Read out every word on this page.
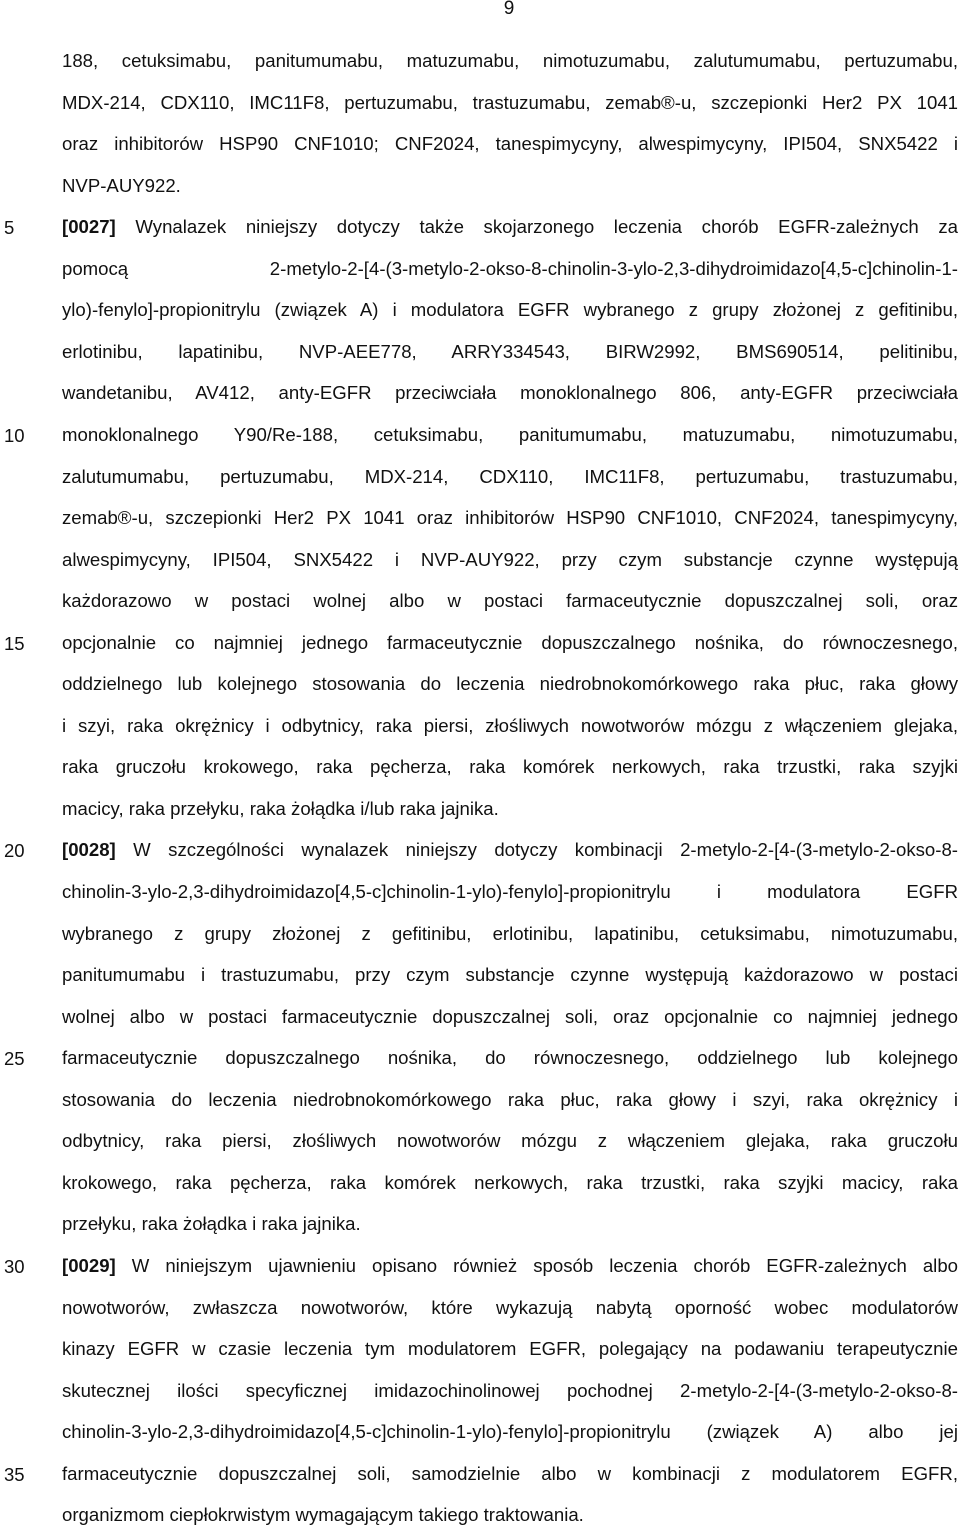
9
5
10
15
20
25
30
35
188, cetuksimabu, panitumumabu, matuzumabu, nimotuzumabu, zalutumumabu, pertuzumabu,
MDX-214, CDX110, IMC11F8, pertuzumabu, trastuzumabu, zemab®-u, szczepionki Her2 PX 1041
oraz inhibitorów HSP90 CNF1010; CNF2024, tanespimycyny, alwespimycyny, IPI504, SNX5422 i
NVP-AUY922.
[0027] Wynalazek niniejszy dotyczy także skojarzonego leczenia chorób EGFR-zależnych za
pomocą 2-metylo-2-[4-(3-metylo-2-okso-8-chinolin-3-ylo-2,3-dihydroimidazo[4,5-c]chinolin-1-
ylo)-fenylo]-propionitrylu (związek A) i modulatora EGFR wybranego z grupy złożonej z gefitinibu,
erlotinibu, lapatinibu, NVP-AEE778, ARRY334543, BIRW2992, BMS690514, pelitinibu,
wandetanibu, AV412, anty-EGFR przeciwciała monoklonalnego 806, anty-EGFR przeciwciała
monoklonalnego Y90/Re-188, cetuksimabu, panitumumabu, matuzumabu, nimotuzumabu,
zalutumumabu, pertuzumabu, MDX-214, CDX110, IMC11F8, pertuzumabu, trastuzumabu,
zemab®-u, szczepionki Her2 PX 1041 oraz inhibitorów HSP90 CNF1010, CNF2024, tanespimycyny,
alwespimycyny, IPI504, SNX5422 i NVP-AUY922, przy czym substancje czynne występują
każdorazowo w postaci wolnej albo w postaci farmaceutycznie dopuszczalnej soli, oraz
opcjonalnie co najmniej jednego farmaceutycznie dopuszczalnego nośnika, do równoczesnego,
oddzielnego lub kolejnego stosowania do leczenia niedrobnokomórkowego raka płuc, raka głowy
i szyi, raka okrężnicy i odbytnicy, raka piersi, złośliwych nowotworów mózgu z włączeniem glejaka,
raka gruczołu krokowego, raka pęcherza, raka komórek nerkowych, raka trzustki, raka szyjki
macicy, raka przełyku, raka żołądka i/lub raka jajnika.
[0028] W szczególności wynalazek niniejszy dotyczy kombinacji 2-metylo-2-[4-(3-metylo-2-okso-8-
chinolin-3-ylo-2,3-dihydroimidazo[4,5-c]chinolin-1-ylo)-fenylo]-propionitrylu i modulatora EGFR
wybranego z grupy złożonej z gefitinibu, erlotinibu, lapatinibu, cetuksimabu, nimotuzumabu,
panitumumabu i trastuzumabu, przy czym substancje czynne występują każdorazowo w postaci
wolnej albo w postaci farmaceutycznie dopuszczalnej soli, oraz opcjonalnie co najmniej jednego
farmaceutycznie dopuszczalnego nośnika, do równoczesnego, oddzielnego lub kolejnego
stosowania do leczenia niedrobnokomórkowego raka płuc, raka głowy i szyi, raka okrężnicy i
odbytnicy, raka piersi, złośliwych nowotworów mózgu z włączeniem glejaka, raka gruczołu
krokowego, raka pęcherza, raka komórek nerkowych, raka trzustki, raka szyjki macicy, raka
przełyku, raka żołądka i raka jajnika.
[0029] W niniejszym ujawnieniu opisano również sposób leczenia chorób EGFR-zależnych albo
nowotworów, zwłaszcza nowotworów, które wykazują nabytą oporność wobec modulatorów
kinazy EGFR w czasie leczenia tym modulatorem EGFR, polegający na podawaniu terapeutycznie
skutecznej ilości specyficznej imidazochinolinowej pochodnej 2-metylo-2-[4-(3-metylo-2-okso-8-
chinolin-3-ylo-2,3-dihydroimidazo[4,5-c]chinolin-1-ylo)-fenylo]-propionitrylu (związek A) albo jej
farmaceutycznie dopuszczalnej soli, samodzielnie albo w kombinacji z modulatorem EGFR,
organizmom ciepłokrwistym wymagającym takiego traktowania.
